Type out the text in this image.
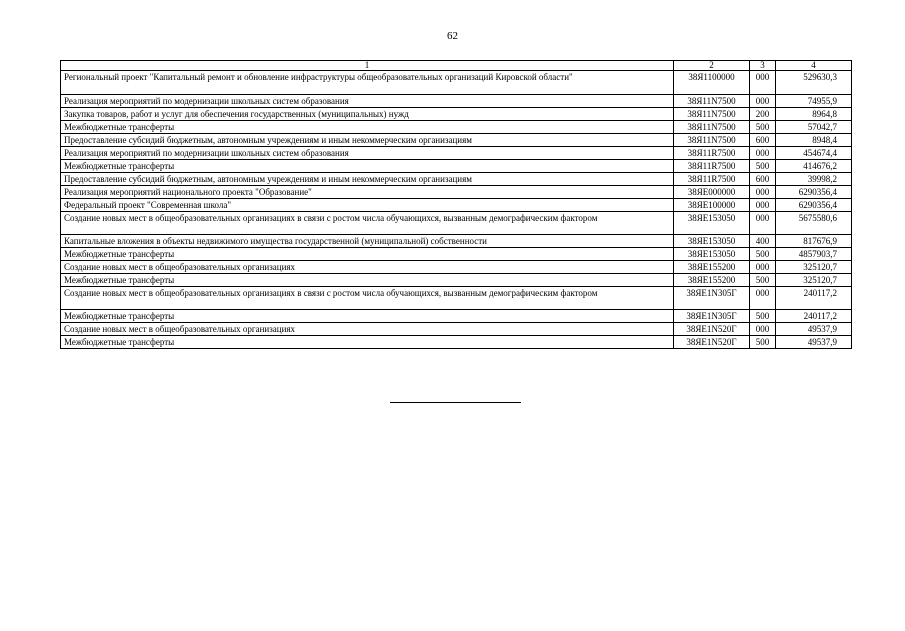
62
1	2	3	4
Региональный проект "Капитальный ремонт и обновление инфраструктуры общеобразовательных организаций Кировской области"	38Я1100000	000	529630,3
Реализация мероприятий по модернизации школьных систем образования	38Я11N7500	000	74955,9
Закупка товаров, работ и услуг для обеспечения государственных (муниципальных) нужд	38Я11N7500	200	8964,8
Межбюджетные трансферты	38Я11N7500	500	57042,7
Предоставление субсидий бюджетным, автономным учреждениям и иным некоммерческим организациям	38Я11N7500	600	8948,4
Реализация мероприятий по модернизации школьных систем образования	38Я11R7500	000	454674,4
Межбюджетные трансферты	38Я11R7500	500	414676,2
Предоставление субсидий бюджетным, автономным учреждениям и иным некоммерческим организациям	38Я11R7500	600	39998,2
Реализация мероприятий национального проекта "Образование"	38ЯЕ000000	000	6290356,4
Федеральный проект "Современная школа"	38ЯЕ100000	000	6290356,4
Создание новых мест в общеобразовательных организациях в связи с ростом числа обучающихся, вызванным демографическим фактором	38ЯЕ153050	000	5675580,6
Капитальные вложения в объекты недвижимого имущества государственной (муниципальной) собственности	38ЯЕ153050	400	817676,9
Межбюджетные трансферты	38ЯЕ153050	500	4857903,7
Создание новых мест в общеобразовательных организациях	38ЯЕ155200	000	325120,7
Межбюджетные трансферты	38ЯЕ155200	500	325120,7
Создание новых мест в общеобразовательных организациях в связи с ростом числа обучающихся, вызванным демографическим фактором	38ЯЕ1N305Г	000	240117,2
Межбюджетные трансферты	38ЯЕ1N305Г	500	240117,2
Создание новых мест в общеобразовательных организациях	38ЯЕ1N520Г	000	49537,9
Межбюджетные трансферты	38ЯЕ1N520Г	500	49537,9
